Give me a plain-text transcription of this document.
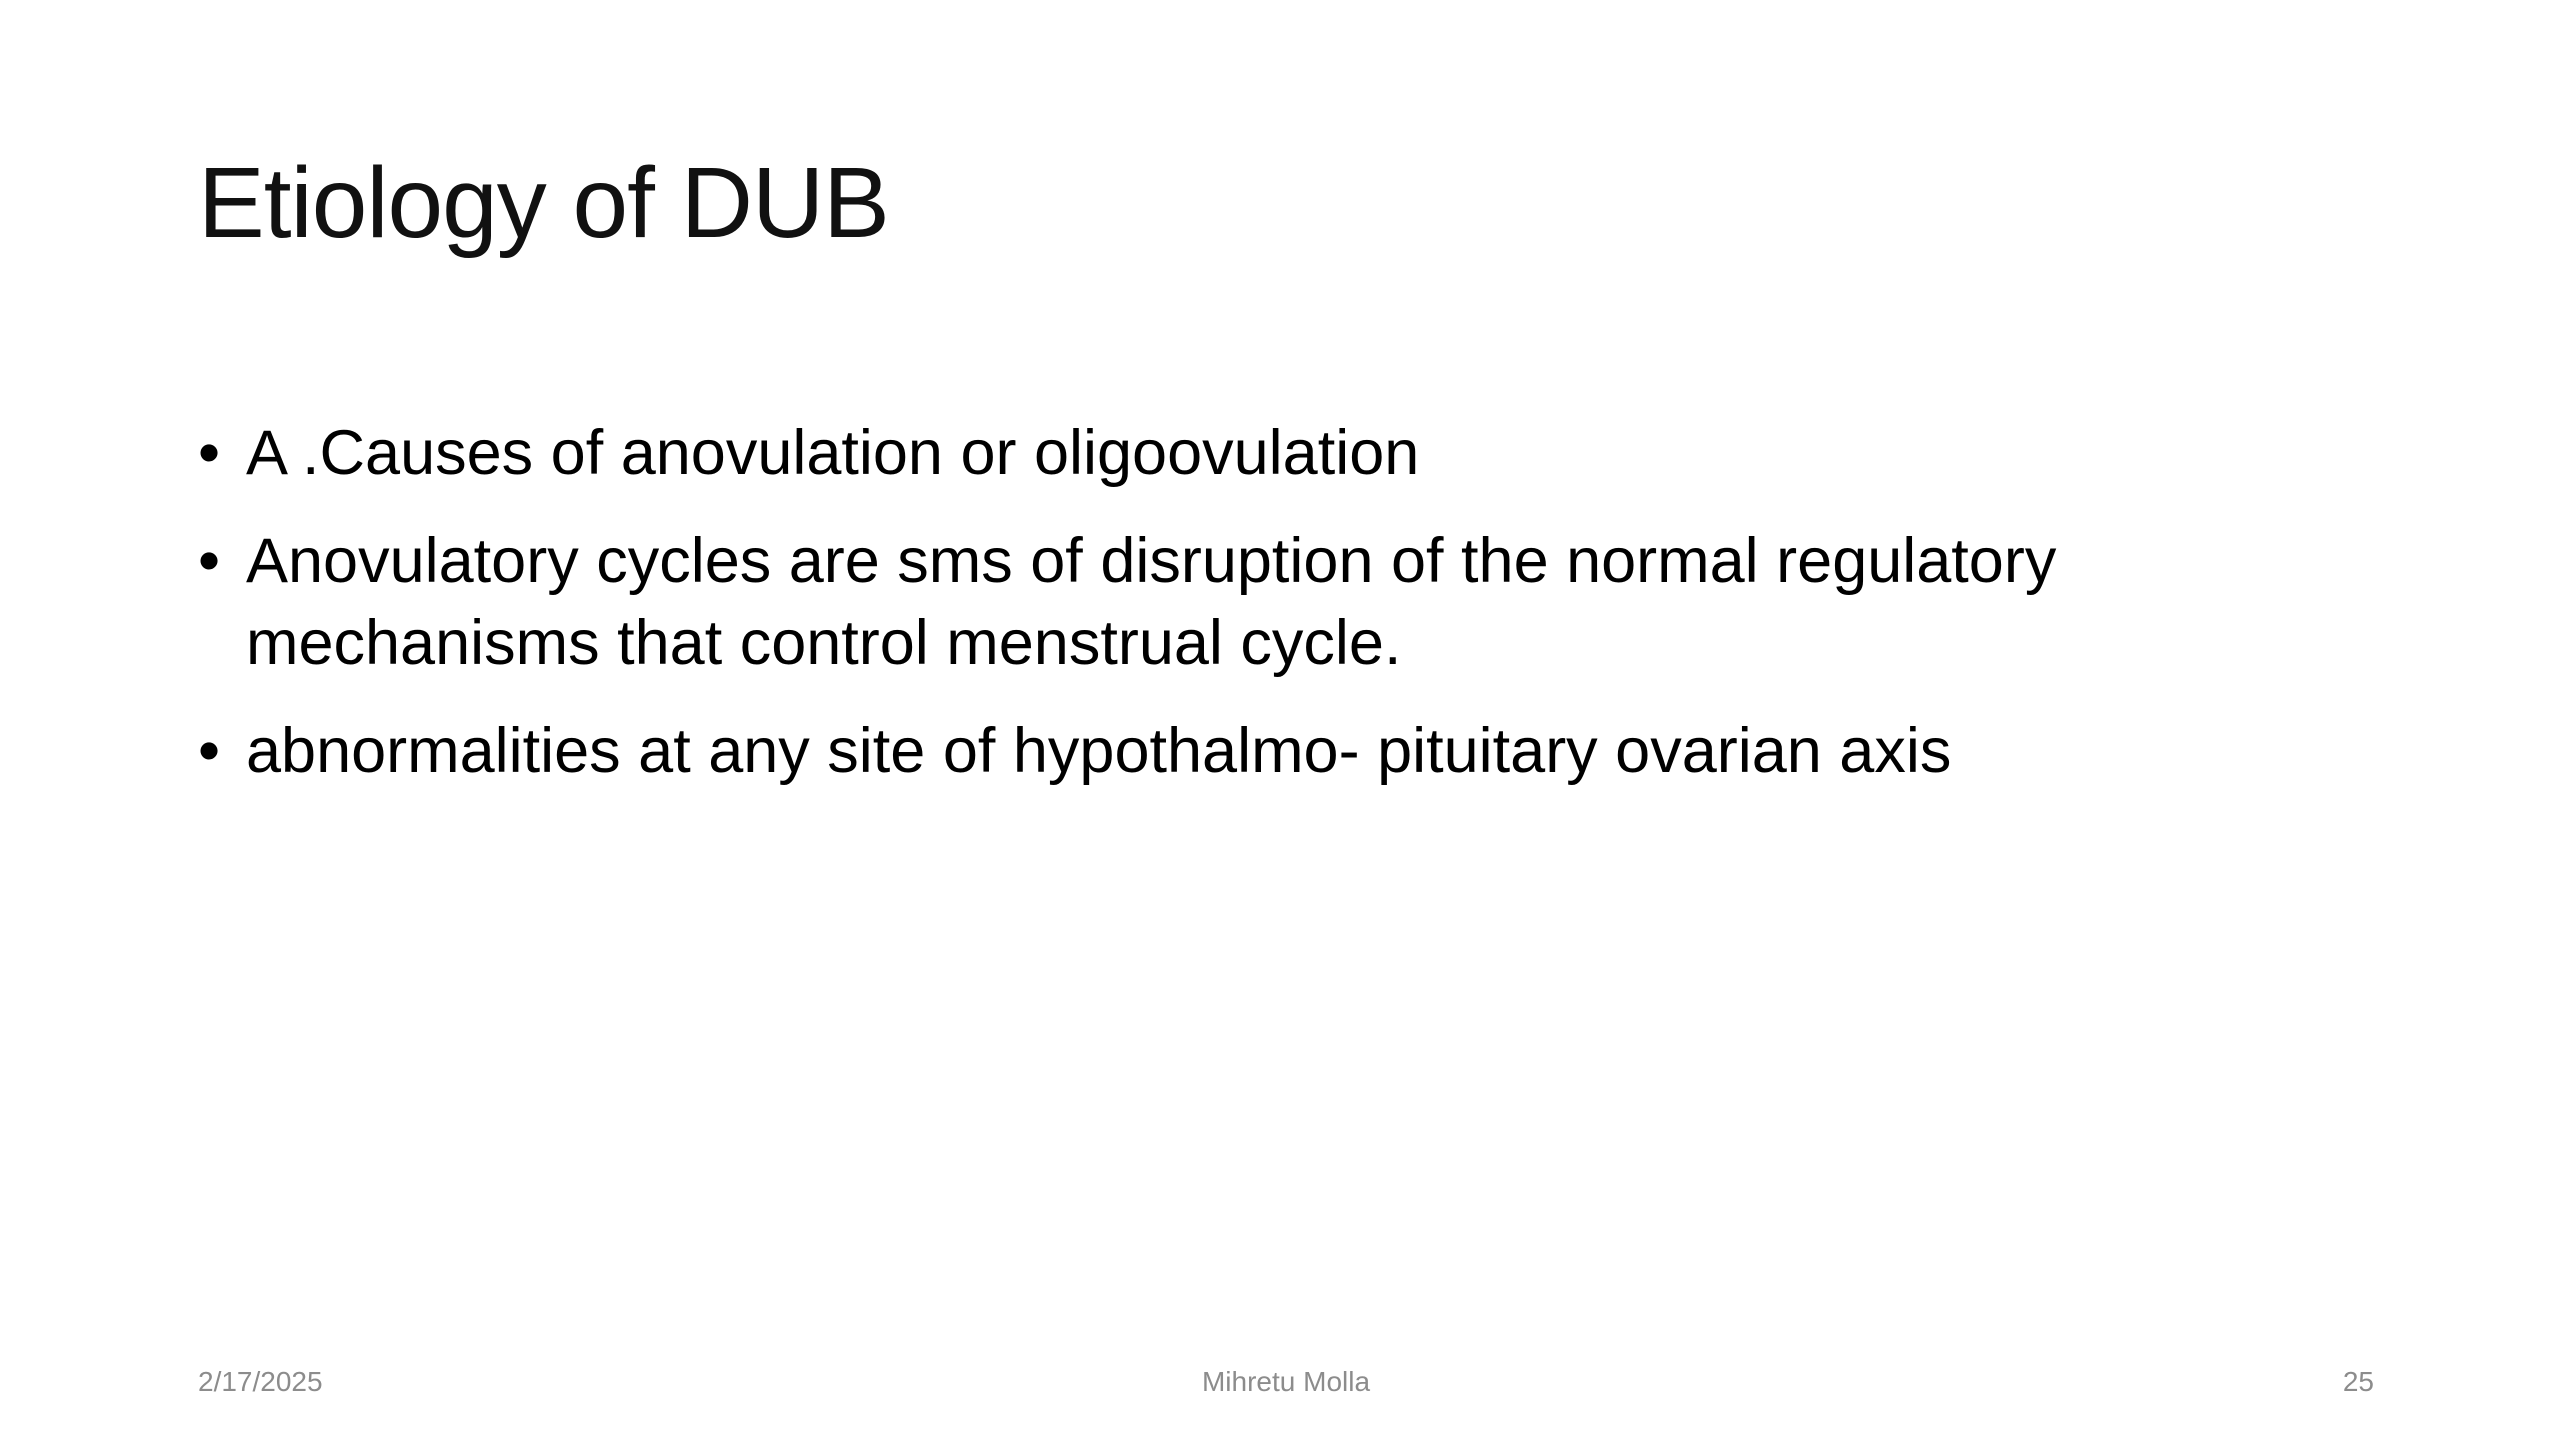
Etiology of DUB
• A .Causes of anovulation or oligoovulation
• Anovulatory cycles are sms of disruption of the normal regulatory mechanisms that control menstrual cycle.
• abnormalities at any site of hypothalmo- pituitary ovarian axis
2/17/2025	Mihretu Molla	25
